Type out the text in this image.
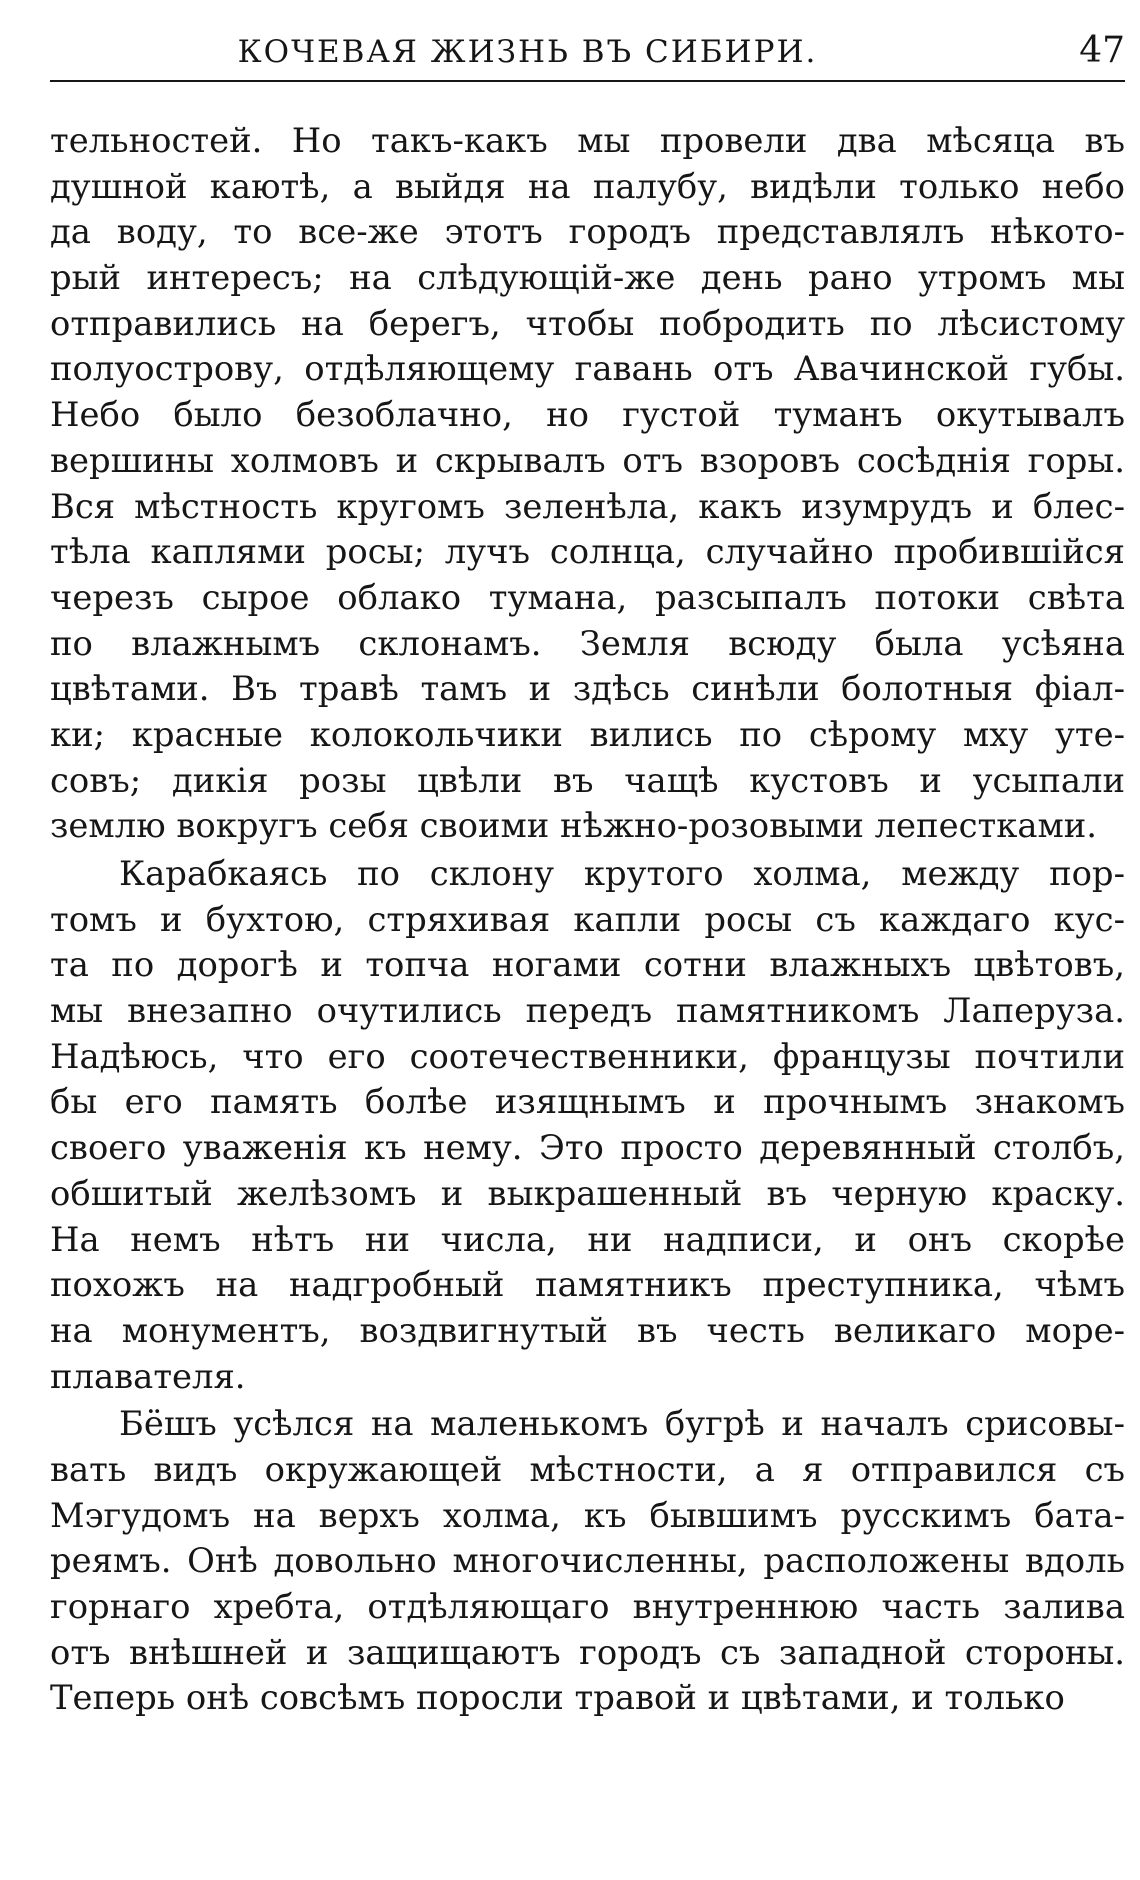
КОЧЕВАЯ ЖИЗНЬ ВЪ СИБИРИ.	47
тельностей. Но такъ-какъ мы провели два мѣсяца въ
душной каютѣ, а выйдя на палубу, видѣли только небо
да воду, то все-же этотъ городъ представлялъ нѣкото-
рый интересъ; на слѣдующій-же день рано утромъ мы
отправились на берегъ, чтобы побродить по лѣсистому
полуострову, отдѣляющему гавань отъ Авачинской губы.
Небо было безоблачно, но густой туманъ окутывалъ
вершины холмовъ и скрывалъ отъ взоровъ сосѣднія горы.
Вся мѣстность кругомъ зеленѣла, какъ изумрудъ и блес-
тѣла каплями росы; лучъ солнца, случайно пробившійся
черезъ сырое облако тумана, разсыпалъ потоки свѣта
по влажнымъ склонамъ. Земля всюду была усѣяна
цвѣтами. Въ травѣ тамъ и здѣсь синѣли болотныя фіал-
ки; красные колокольчики вились по сѣрому мху утe-
совъ; дикія розы цвѣли въ чащѣ кустовъ и усыпали
землю вокругъ себя своими нѣжно-розовыми лепестками.
Карабкаясь по склону крутого холма, между пор-
томъ и бухтою, стряхивая капли росы съ каждаго кус-
та по дорогѣ и топча ногами сотни влажныхъ цвѣтовъ,
мы внезапно очутились передъ памятникомъ Лаперуза.
Надѣюсь, что его соотечественники, французы почтили
бы его память болѣе изящнымъ и прочнымъ знакомъ
своего уваженія къ нему. Это просто деревянный столбъ,
обшитый желѣзомъ и выкрашенный въ черную краску.
На немъ нѣтъ ни числа, ни надписи, и онъ скорѣе
похожъ на надгробный памятникъ преступника, чѣмъ
на монументъ, воздвигнутый въ честь великаго море-
плавателя.
Бёшъ усѣлся на маленькомъ бугрѣ и началъ срисовы-
вать видъ окружающей мѣстности, а я отправился съ
Мэгудомъ на верхъ холма, къ бывшимъ русскимъ бата-
реямъ. Онѣ довольно многочисленны, расположены вдоль
горнаго хребта, отдѣляющаго внутреннюю часть залива
отъ внѣшней и защищаютъ городъ съ западной стороны.
Теперь онѣ совсѣмъ поросли травой и цвѣтами, и только
